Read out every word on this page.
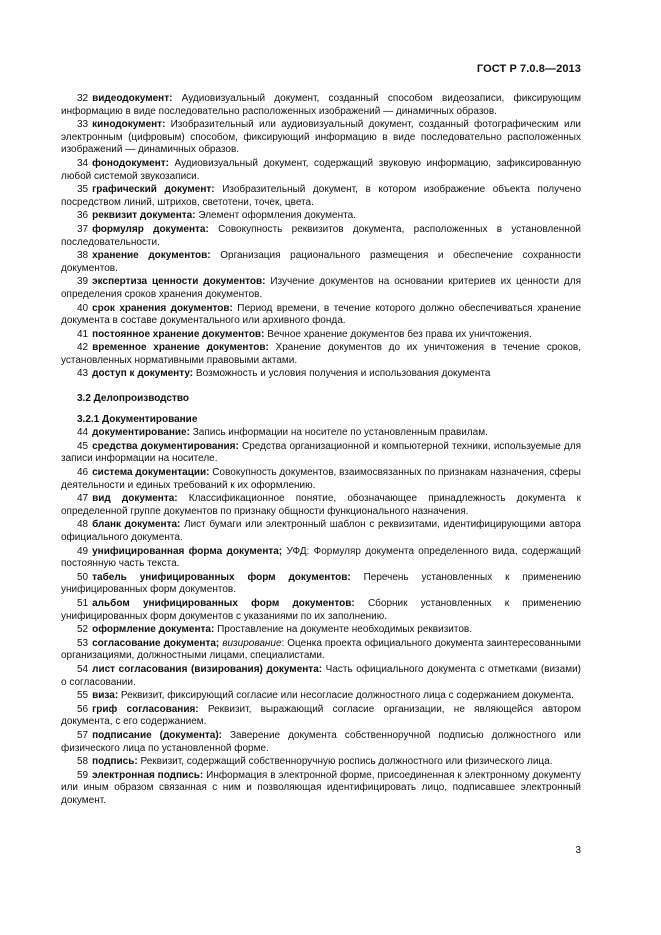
ГОСТ Р 7.0.8—2013

32 видеодокумент: Аудиовизуальный документ, созданный способом видеозаписи, фиксирующим информацию в виде последовательно расположенных изображений — динамичных образов.

33 кинодокумент: Изобразительный или аудиовизуальный документ, созданный фотографическим или электронным (цифровым) способом, фиксирующий информацию в виде последовательно расположенных изображений — динамичных образов.

34 фонодокумент: Аудиовизуальный документ, содержащий звуковую информацию, зафиксированную любой системой звукозаписи.

35 графический документ: Изобразительный документ, в котором изображение объекта получено посредством линий, штрихов, светотени, точек, цвета.

36 реквизит документа: Элемент оформления документа.

37 формуляр документа: Совокупность реквизитов документа, расположенных в установленной последовательности.

38 хранение документов: Организация рационального размещения и обеспечение сохранности документов.

39 экспертиза ценности документов: Изучение документов на основании критериев их ценности для определения сроков хранения документов.

40 срок хранения документов: Период времени, в течение которого должно обеспечиваться хранение документа в составе документального или архивного фонда.

41 постоянное хранение документов: Вечное хранение документов без права их уничтожения.

42 временное хранение документов: Хранение документов до их уничтожения в течение сроков, установленных нормативными правовыми актами.

43 доступ к документу: Возможность и условия получения и использования документа

3.2 Делопроизводство
3.2.1 Документирование

44 документирование: Запись информации на носителе по установленным правилам.

45 средства документирования: Средства организационной и компьютерной техники, используемые для записи информации на носителе.

46 система документации: Совокупность документов, взаимосвязанных по признакам назначения, сферы деятельности и единых требований к их оформлению.

47 вид документа: Классификационное понятие, обозначающее принадлежность документа к определенной группе документов по признаку общности функционального назначения.

48 бланк документа: Лист бумаги или электронный шаблон с реквизитами, идентифицирующими автора официального документа.

49 унифицированная форма документа; УФД: Формуляр документа определенного вида, содержащий постоянную часть текста.

50 табель унифицированных форм документов: Перечень установленных к применению унифицированных форм документов.

51 альбом унифицированных форм документов: Сборник установленных к применению унифицированных форм документов с указаниями по их заполнению.

52 оформление документа: Проставление на документе необходимых реквизитов.

53 согласование документа; визирование: Оценка проекта официального документа заинтересованными организациями, должностными лицами, специалистами.

54 лист согласования (визирования) документа: Часть официального документа с отметками (визами) о согласовании.

55 виза: Реквизит, фиксирующий согласие или несогласие должностного лица с содержанием документа.

56 гриф согласования: Реквизит, выражающий согласие организации, не являющейся автором документа, с его содержанием.

57 подписание (документа): Заверение документа собственноручной подписью должностного или физического лица по установленной форме.

58 подпись: Реквизит, содержащий собственноручную роспись должностного или физического лица.

59 электронная подпись: Информация в электронной форме, присоединенная к электронному документу или иным образом связанная с ним и позволяющая идентифицировать лицо, подписавшее электронный документ.

3
